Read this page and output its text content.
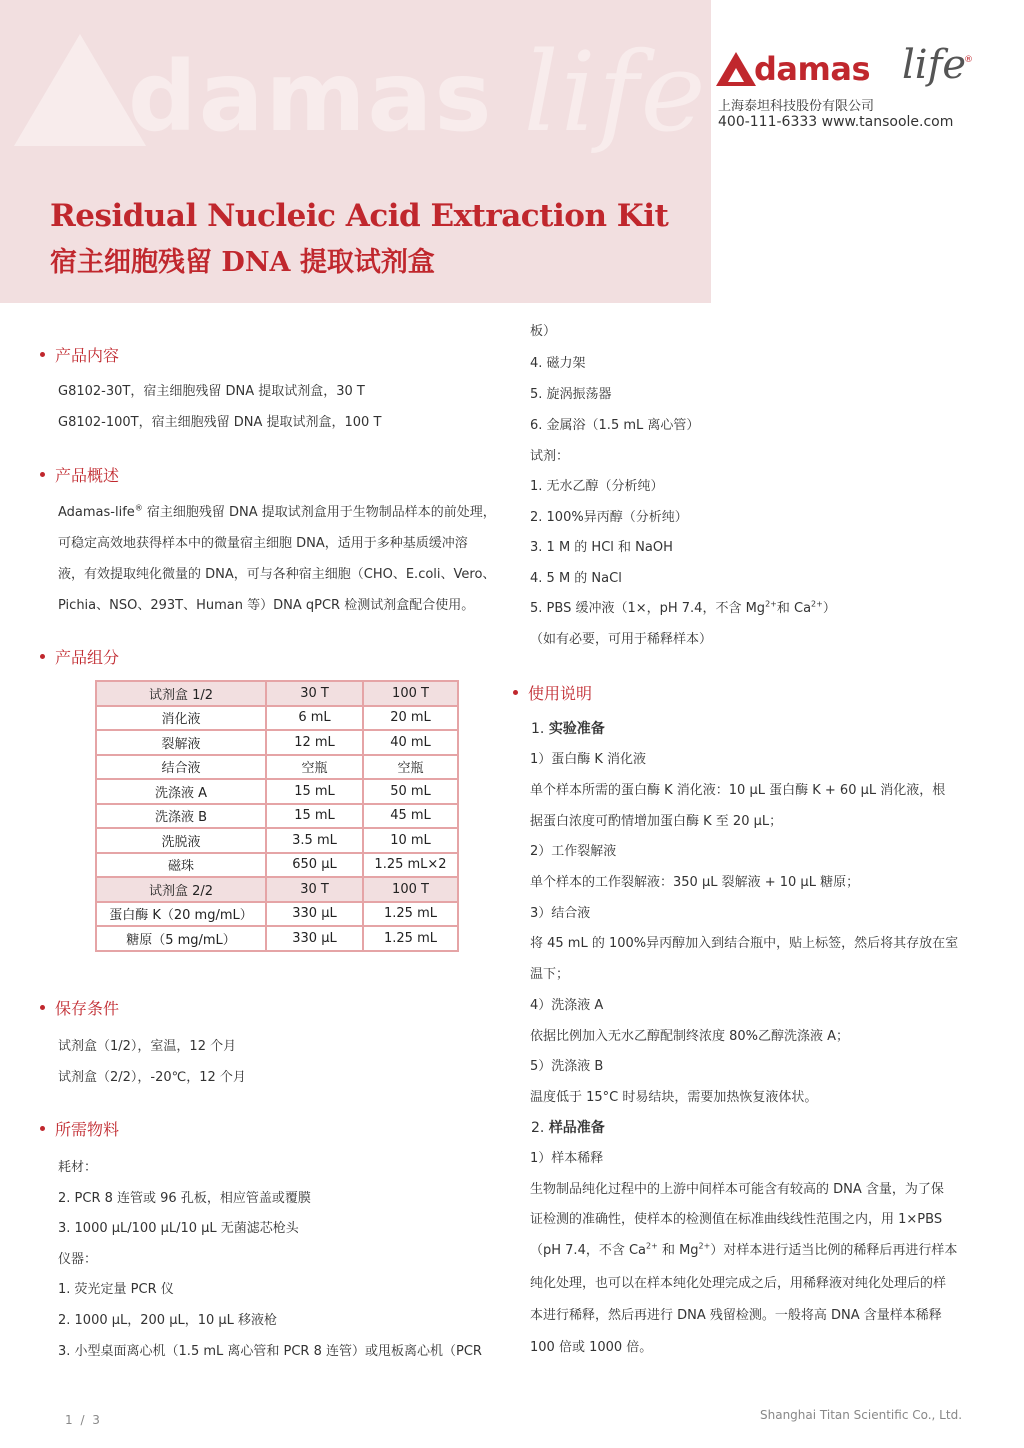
damas life
Residual Nucleic Acid Extraction Kit
宿主细胞残留 DNA 提取试剂盒
damas life
®
上海泰坦科技股份有限公司
400-111-6333 www.tansoole.com
产品内容
G8102-30T，宿主细胞残留 DNA 提取试剂盒，30 T
G8102-100T，宿主细胞残留 DNA 提取试剂盒，100 T
产品概述
Adamas-life® 宿主细胞残留 DNA 提取试剂盒用于生物制品样本的前处理，
可稳定高效地获得样本中的微量宿主细胞 DNA，适用于多种基质缓冲溶
液，有效提取纯化微量的 DNA，可与各种宿主细胞（CHO、E.coli、Vero、
Pichia、NSO、293T、Human 等）DNA qPCR 检测试剂盒配合使用。
产品组分
试剂盒 1/2	30 T	100 T
消化液	6 mL	20 mL
裂解液	12 mL	40 mL
结合液	空瓶	空瓶
洗涤液 A	15 mL	50 mL
洗涤液 B	15 mL	45 mL
洗脱液	3.5 mL	10 mL
磁珠	650 μL	1.25 mL×2
试剂盒 2/2	30 T	100 T
蛋白酶 K（20 mg/mL）	330 μL	1.25 mL
糖原（5 mg/mL）	330 μL	1.25 mL
保存条件
试剂盒（1/2），室温，12 个月
试剂盒（2/2），-20℃，12 个月
所需物料
耗材：
2. PCR 8 连管或 96 孔板，相应管盖或覆膜
3. 1000 μL/100 μL/10 μL 无菌滤芯枪头
仪器：
1. 荧光定量 PCR 仪
2. 1000 μL，200 μL，10 μL 移液枪
3. 小型桌面离心机（1.5 mL 离心管和 PCR 8 连管）或甩板离心机（PCR
板）
4. 磁力架
5. 旋涡振荡器
6. 金属浴（1.5 mL 离心管）
试剂：
1. 无水乙醇（分析纯）
2. 100%异丙醇（分析纯）
3. 1 M 的 HCl 和 NaOH
4. 5 M 的 NaCl
5. PBS 缓冲液（1×，pH 7.4，不含 $Mg^{2+}$和 $Ca^{2+}$）
（如有必要，可用于稀释样本）
使用说明
1. 实验准备
1）蛋白酶 K 消化液
单个样本所需的蛋白酶 K 消化液：10 μL 蛋白酶 K + 60 μL 消化液，根
据蛋白浓度可酌情增加蛋白酶 K 至 20 μL；
2）工作裂解液
单个样本的工作裂解液：350 μL 裂解液 + 10 μL 糖原；
3）结合液
将 45 mL 的 100%异丙醇加入到结合瓶中，贴上标签，然后将其存放在室
温下；
4）洗涤液 A
依据比例加入无水乙醇配制终浓度 80%乙醇洗涤液 A；
5）洗涤液 B
温度低于 15°C 时易结块，需要加热恢复液体状。
2. 样品准备
1）样本稀释
生物制品纯化过程中的上游中间样本可能含有较高的 DNA 含量，为了保
证检测的准确性，使样本的检测值在标准曲线线性范围之内，用 1×PBS
（pH 7.4，不含 $Ca^{2+}$ 和 $Mg^{2+}$）对样本进行适当比例的稀释后再进行样本
纯化处理，也可以在样本纯化处理完成之后，用稀释液对纯化处理后的样
本进行稀释，然后再进行 DNA 残留检测。一般将高 DNA 含量样本稀释
100 倍或 1000 倍。
1 / 3	Shanghai Titan Scientific Co., Ltd.
